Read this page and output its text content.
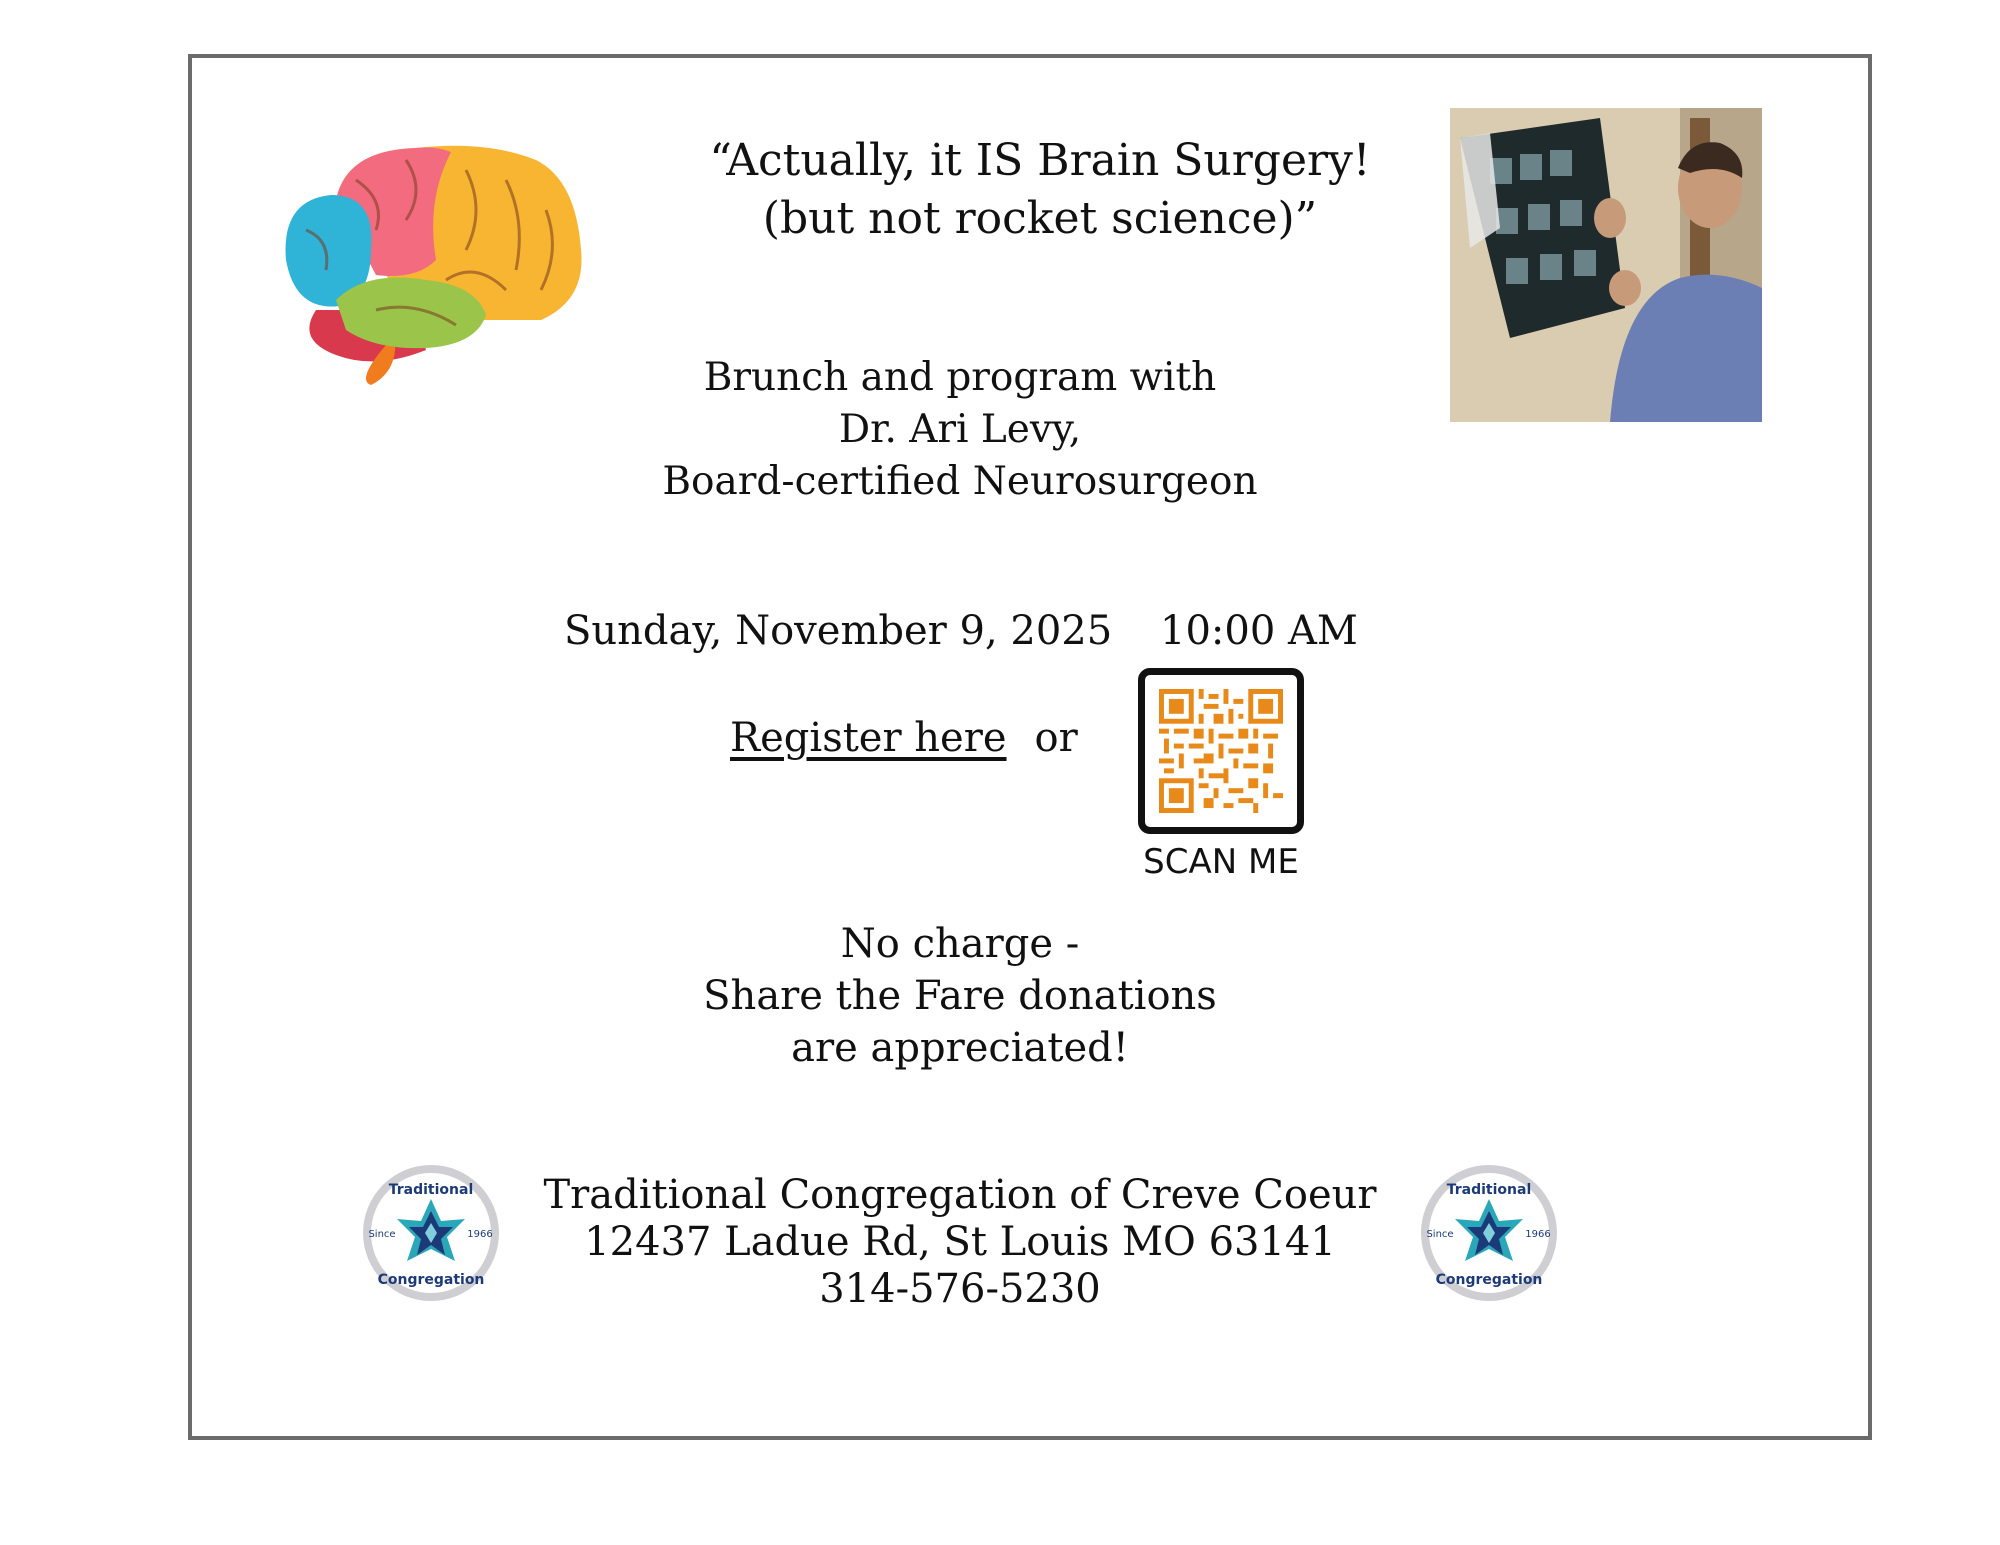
“Actually, it IS Brain Surgery!
(but not rocket science)”
Brunch and program with
Dr. Ari Levy,
Board-certified Neurosurgeon
Sunday, November 9, 2025 10:00 AM
Register here or
SCAN ME
No charge -
Share the Fare donations
are appreciated!
Traditional Congregation of Creve Coeur
12437 Ladue Rd, St Louis MO 63141
314-576-5230
Traditional
Congregation
Since	1966
Traditional
Congregation
Since	1966
